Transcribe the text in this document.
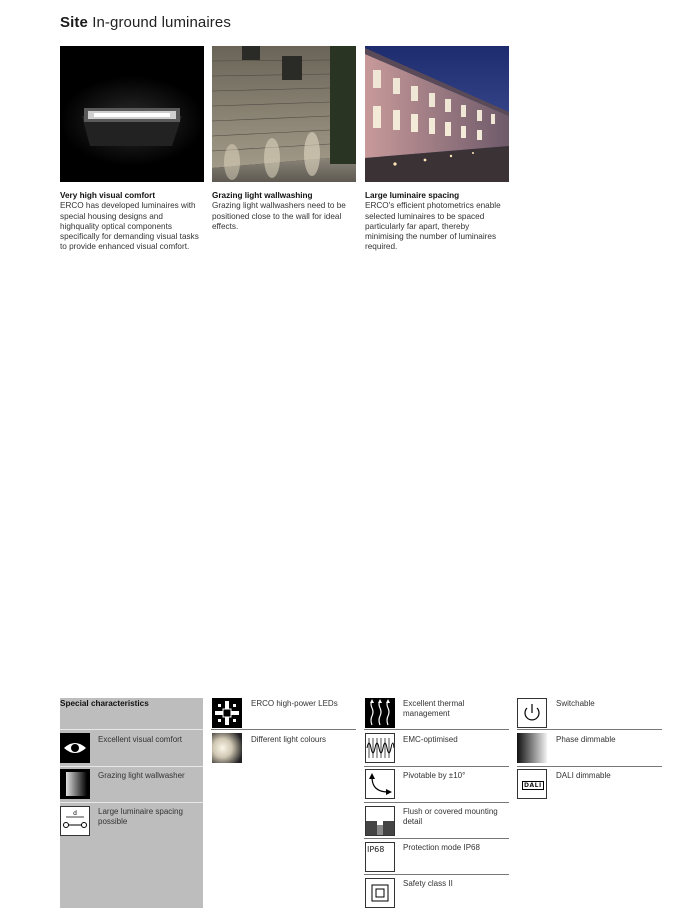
Site In-ground luminaires
Very high visual comfort
ERCO has developed luminaires with special housing designs and highquality optical components specifically for demanding visual tasks to provide enhanced visual comfort.
Grazing light wallwashing
Grazing light wallwashers need to be positioned close to the wall for ideal effects.
Large luminaire spacing
ERCO's efficient photometrics enable selected luminaires to be spaced particularly far apart, thereby minimising the number of luminaires required.
Special characteristics
Excellent visual comfort
Grazing light wallwasher
d	Large luminaire spacing possible
ERCO high-power LEDs
Different light colours
Excellent thermal management
EMC-optimised
Pivotable by ±10°
Flush or covered mounting detail
IP68 Protection mode IP68
Safety class II
Switchable
Phase dimmable
DALI
DALI dimmable
